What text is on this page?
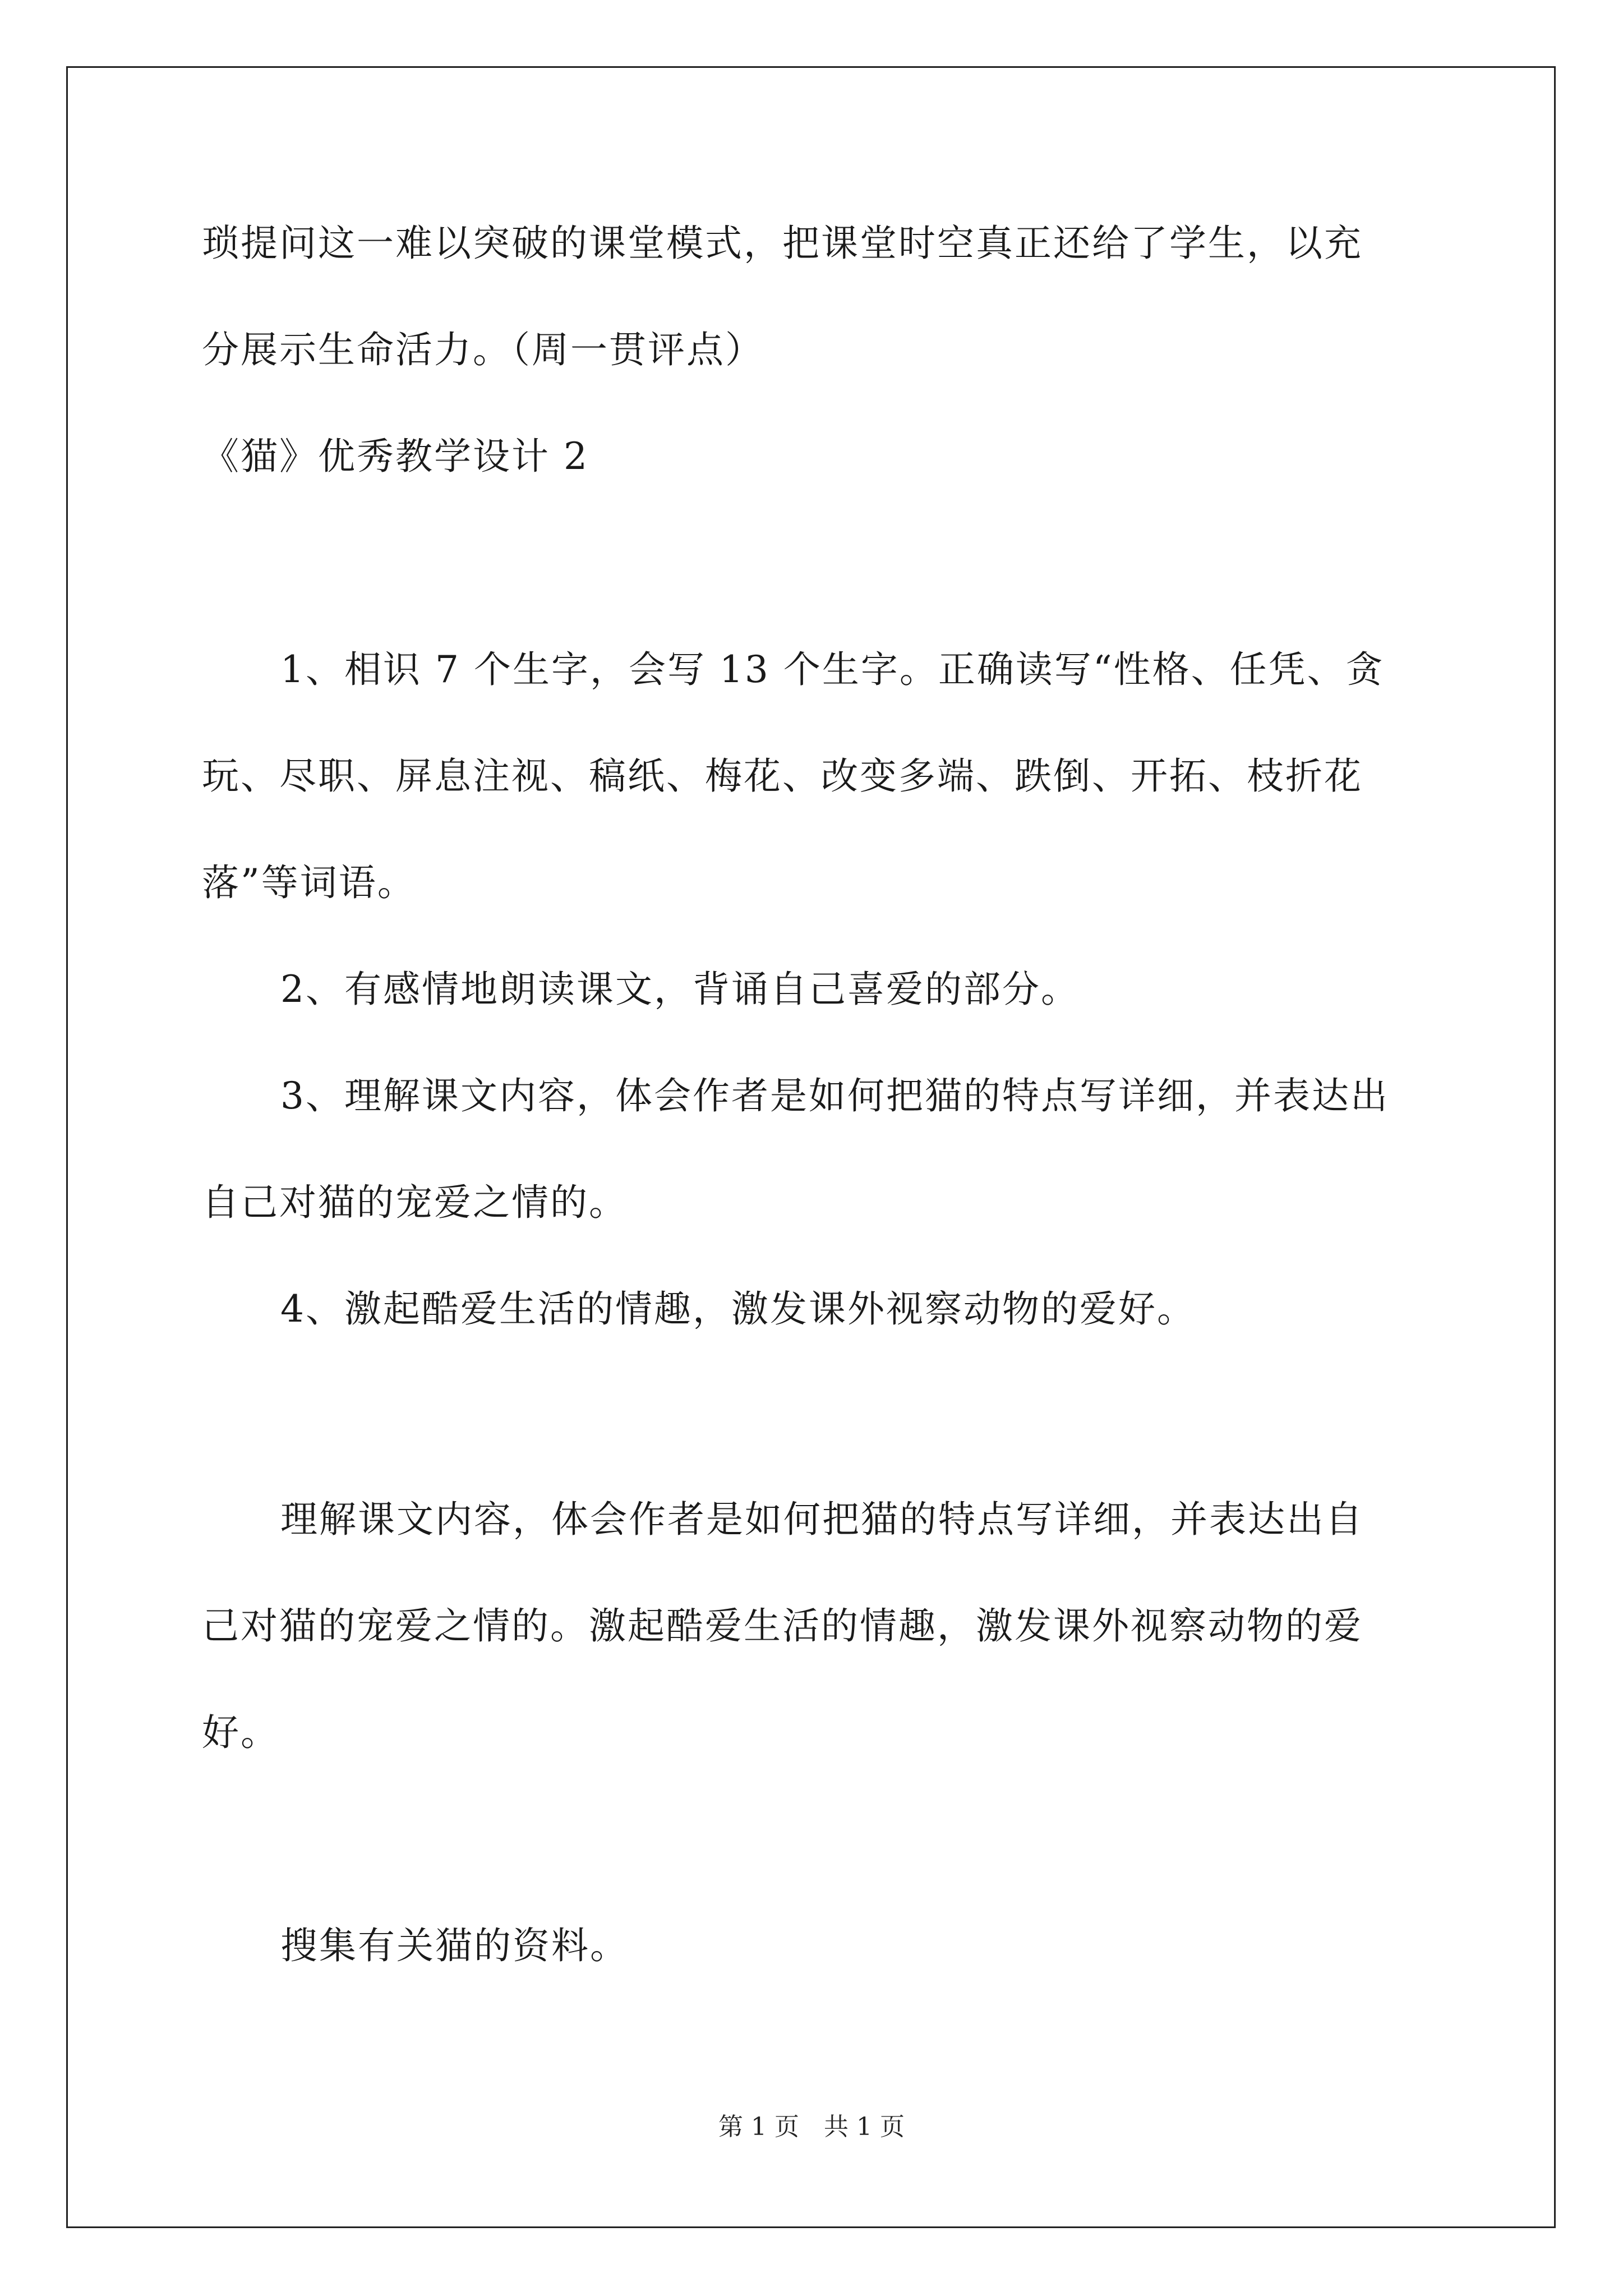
琐提问这一难以突破的课堂模式，把课堂时空真正还给了学生，以充
分展示生命活力。（周一贯评点）
《猫》优秀教学设计 2
1、相识 7 个生字，会写 13 个生字。正确读写“性格、任凭、贪
玩、尽职、屏息注视、稿纸、梅花、改变多端、跌倒、开拓、枝折花
落”等词语。
2、有感情地朗读课文，背诵自己喜爱的部分。
3、理解课文内容，体会作者是如何把猫的特点写详细，并表达出
自己对猫的宠爱之情的。
4、激起酷爱生活的情趣，激发课外视察动物的爱好。
理解课文内容，体会作者是如何把猫的特点写详细，并表达出自
己对猫的宠爱之情的。激起酷爱生活的情趣，激发课外视察动物的爱
好。
搜集有关猫的资料。
第 1 页 共 1 页
